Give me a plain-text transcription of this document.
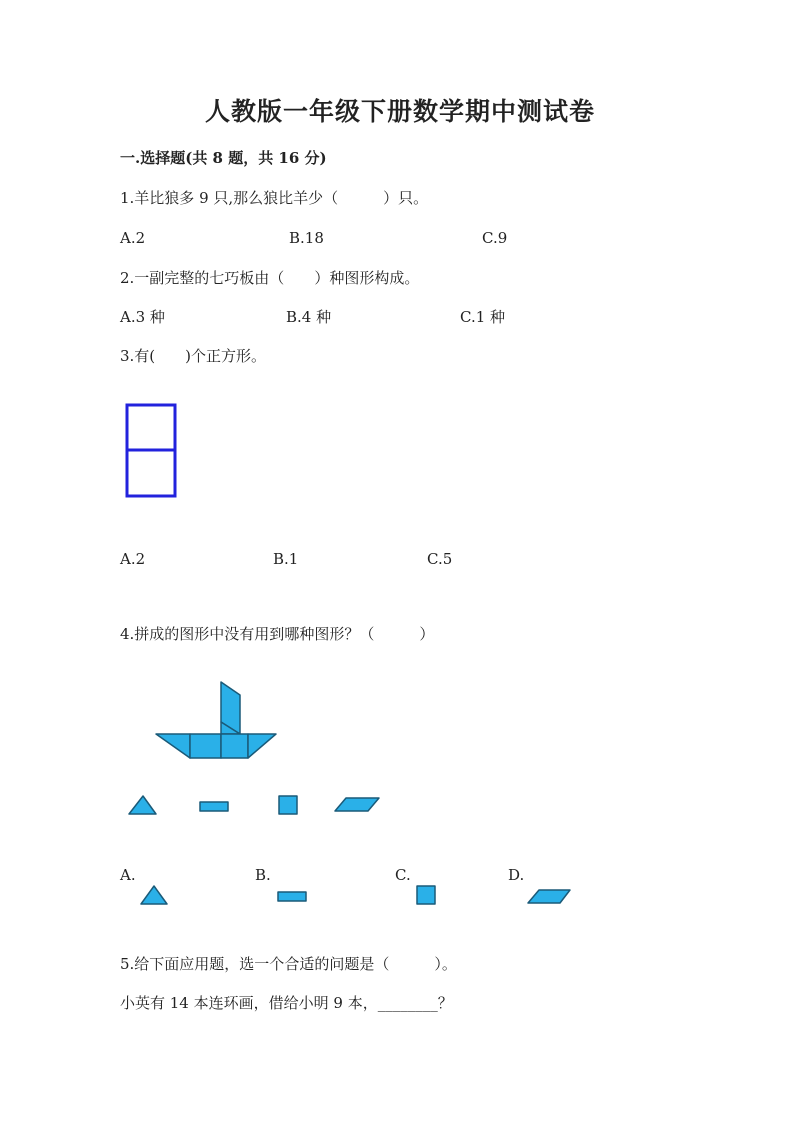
人教版一年级下册数学期中测试卷
一.选择题(共 8 题，共 16 分)
1.羊比狼多 9 只,那么狼比羊少（　　　）只。
A.2	B.18	C.9
2.一副完整的七巧板由（　　）种图形构成。
A.3 种	B.4 种	C.1 种
3.有(　　)个正方形。
A.2	B.1	C.5
4.拼成的图形中没有用到哪种图形？（　　　）
A.	B.	C.	D.
5.给下面应用题，选一个合适的问题是（　　　）。
小英有 14 本连环画，借给小明 9 本，________？
